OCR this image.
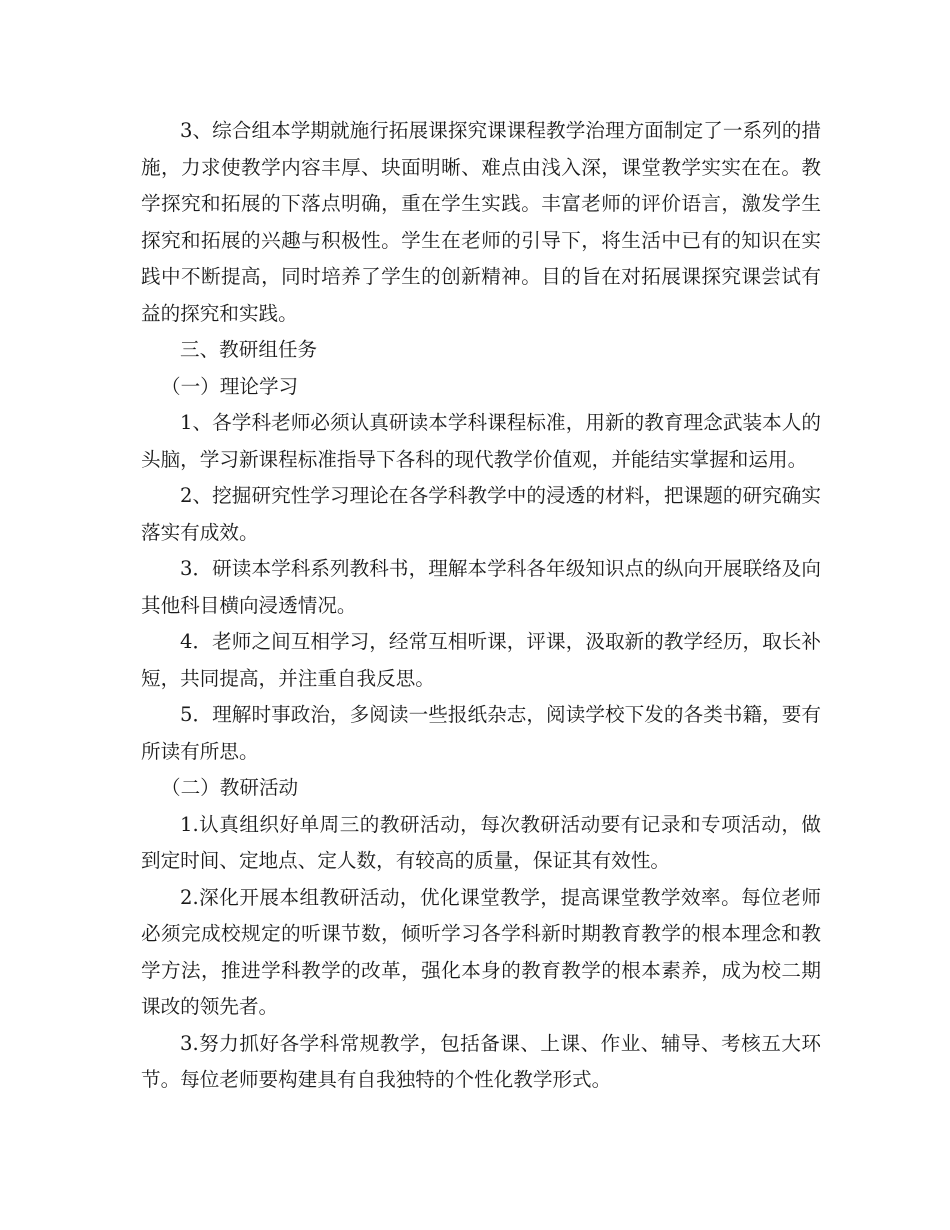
3、综合组本学期就施行拓展课探究课课程教学治理方面制定了一系列的措施，力求使教学内容丰厚、块面明晰、难点由浅入深，课堂教学实实在在。教学探究和拓展的下落点明确，重在学生实践。丰富老师的评价语言，激发学生探究和拓展的兴趣与积极性。学生在老师的引导下，将生活中已有的知识在实践中不断提高，同时培养了学生的创新精神。目的旨在对拓展课探究课尝试有益的探究和实践。

三、教研组任务

（一）理论学习

1、各学科老师必须认真研读本学科课程标准，用新的教育理念武装本人的头脑，学习新课程标准指导下各科的现代教学价值观，并能结实掌握和运用。

2、挖掘研究性学习理论在各学科教学中的浸透的材料，把课题的研究确实落实有成效。

3．研读本学科系列教科书，理解本学科各年级知识点的纵向开展联络及向其他科目横向浸透情况。

4．老师之间互相学习，经常互相听课，评课，汲取新的教学经历，取长补短，共同提高，并注重自我反思。

5．理解时事政治，多阅读一些报纸杂志，阅读学校下发的各类书籍，要有所读有所思。

（二）教研活动

1.认真组织好单周三的教研活动，每次教研活动要有记录和专项活动，做到定时间、定地点、定人数，有较高的质量，保证其有效性。

2.深化开展本组教研活动，优化课堂教学，提高课堂教学效率。每位老师必须完成校规定的听课节数，倾听学习各学科新时期教育教学的根本理念和教学方法，推进学科教学的改革，强化本身的教育教学的根本素养，成为校二期课改的领先者。

3.努力抓好各学科常规教学，包括备课、上课、作业、辅导、考核五大环节。每位老师要构建具有自我独特的个性化教学形式。
